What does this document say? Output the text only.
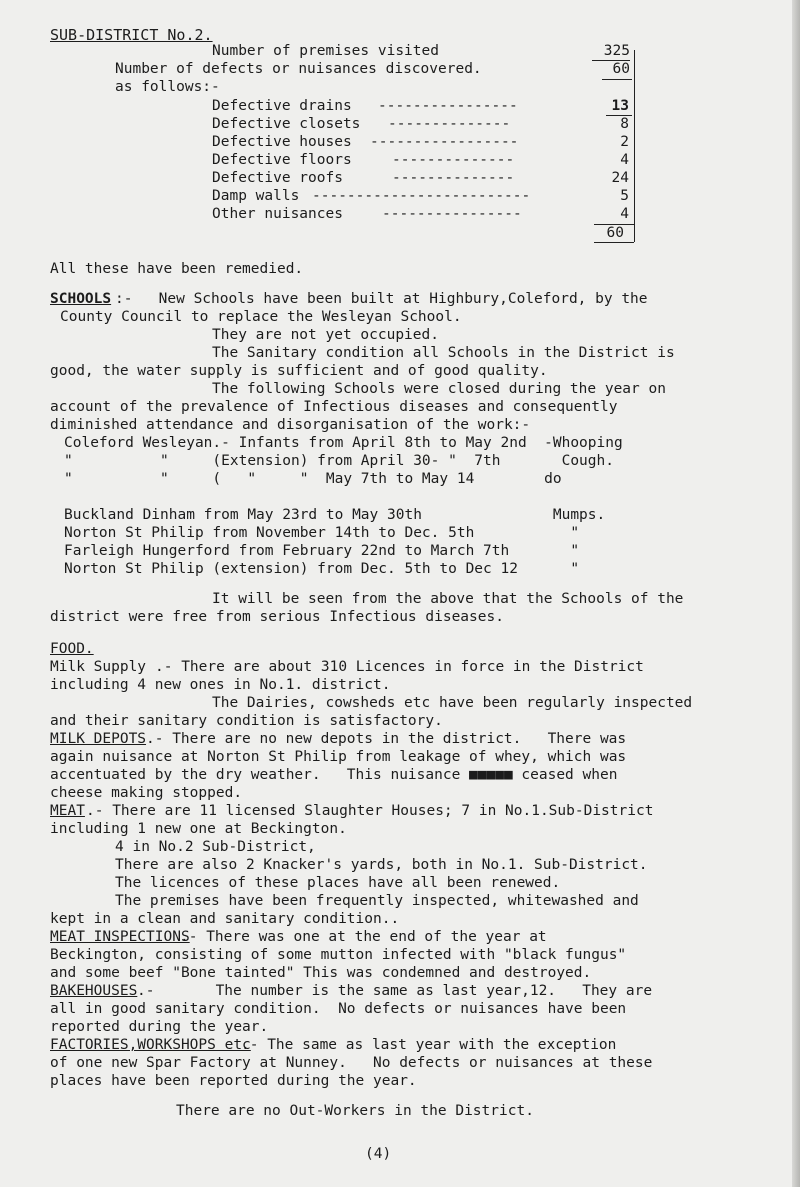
SUB-DISTRICT No.2.
Number of premises visited	325
Number of defects or nuisances discovered.	60
as follows:-
Defective drains ----------------	13
Defective closets --------------	8
Defective houses -----------------	2
Defective floors	--------------	4
Defective roofs	--------------	24
Damp walls -------------------------	5
Other nuisances	----------------	4
60
All these have been remedied.
SCHOOLS :-   New Schools have been built at Highbury,Coleford, by the
County Council to replace the Wesleyan School.
They are not yet occupied.
The Sanitary condition all Schools in the District is
good, the water supply is sufficient and of good quality.
The following Schools were closed during the year on
account of the prevalence of Infectious diseases and consequently
diminished attendance and disorganisation of the work:-
Coleford Wesleyan.- Infants from April 8th to May 2nd  -Whooping
"          "     (Extension) from April 30- "  7th       Cough.
"          "     (   "     "  May 7th to May 14        do
Buckland Dinham from May 23rd to May 30th               Mumps.
Norton St Philip from November 14th to Dec. 5th           "
Farleigh Hungerford from February 22nd to March 7th       "
Norton St Philip (extension) from Dec. 5th to Dec 12      "
It will be seen from the above that the Schools of the
district were free from serious Infectious diseases.
FOOD.
Milk Supply .- There are about 310 Licences in force in the District
including 4 new ones in No.1. district.
The Dairies, cowsheds etc have been regularly inspected
and their sanitary condition is satisfactory.
MILK DEPOTS .- There are no new depots in the district.   There was
again nuisance at Norton St Philip from leakage of whey, which was
accentuated by the dry weather.   This nuisance ■■■■■ ceased when
cheese making stopped.
MEAT .- There are 11 licensed Slaughter Houses; 7 in No.1.Sub-District
including 1 new one at Beckington.
4 in No.2 Sub-District,
There are also 2 Knacker's yards, both in No.1. Sub-District.
The licences of these places have all been renewed.
The premises have been frequently inspected, whitewashed and
kept in a clean and sanitary condition..
MEAT INSPECTIONS
.- There was one at the end of the year at
Beckington, consisting of some mutton infected with "black fungus"
and some beef "Bone tainted" This was condemned and destroyed.
BAKEHOUSES .-       The number is the same as last year,12.   They are
all in good sanitary condition.  No defects or nuisances have been
reported during the year.
FACTORIES,WORKSHOPS etc
.- The same as last year with the exception
of one new Spar Factory at Nunney.   No defects or nuisances at these
places have been reported during the year.
There are no Out-Workers in the District.
(4)
